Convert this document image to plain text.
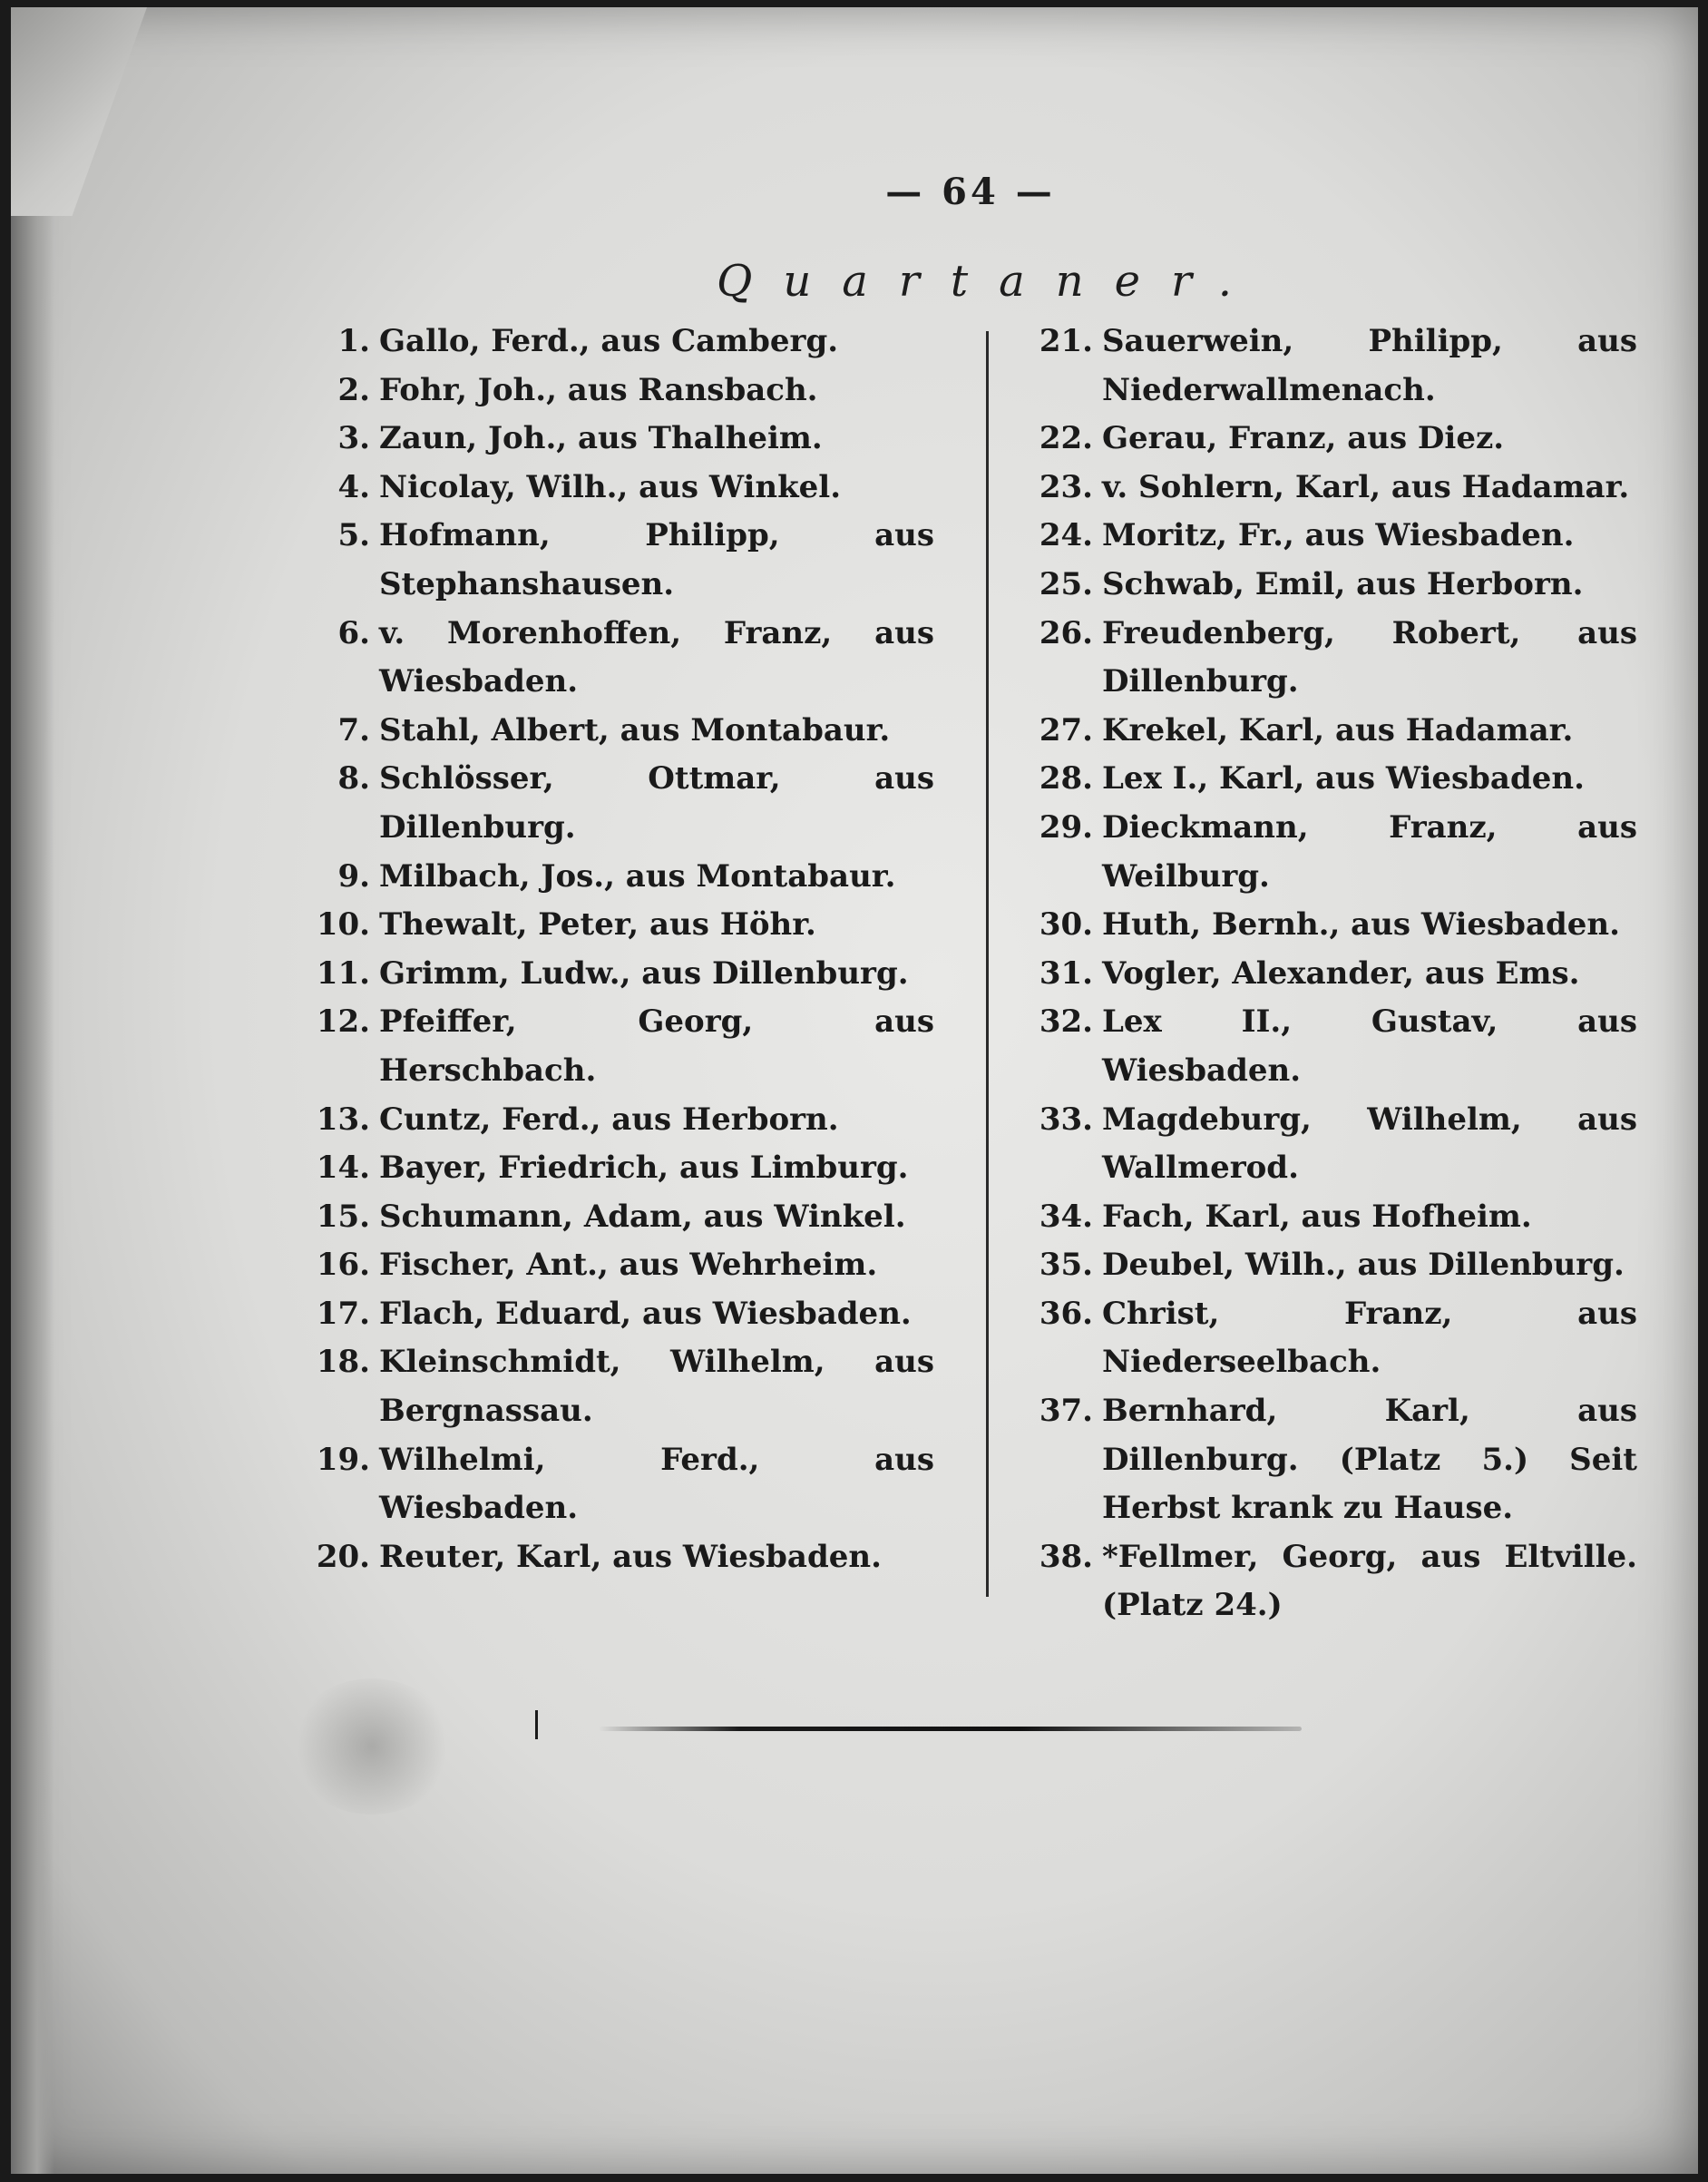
— 64 —
Quartaner.
1. Gallo, Ferd., aus Camberg.
2. Fohr, Joh., aus Ransbach.
3. Zaun, Joh., aus Thalheim.
4. Nicolay, Wilh., aus Winkel.
5. Hofmann, Philipp, aus Stephanshausen.
6. v. Morenhoffen, Franz, aus Wiesbaden.
7. Stahl, Albert, aus Montabaur.
8. Schlösser, Ottmar, aus Dillenburg.
9. Milbach, Jos., aus Montabaur.
10. Thewalt, Peter, aus Höhr.
11. Grimm, Ludw., aus Dillenburg.
12. Pfeiffer, Georg, aus Herschbach.
13. Cuntz, Ferd., aus Herborn.
14. Bayer, Friedrich, aus Limburg.
15. Schumann, Adam, aus Winkel.
16. Fischer, Ant., aus Wehrheim.
17. Flach, Eduard, aus Wiesbaden.
18. Kleinschmidt, Wilhelm, aus Bergnassau.
19. Wilhelmi, Ferd., aus Wiesbaden.
20. Reuter, Karl, aus Wiesbaden.
21. Sauerwein, Philipp, aus Niederwallmenach.
22. Gerau, Franz, aus Diez.
23. v. Sohlern, Karl, aus Hadamar.
24. Moritz, Fr., aus Wiesbaden.
25. Schwab, Emil, aus Herborn.
26. Freudenberg, Robert, aus Dillenburg.
27. Krekel, Karl, aus Hadamar.
28. Lex I., Karl, aus Wiesbaden.
29. Dieckmann, Franz, aus Weilburg.
30. Huth, Bernh., aus Wiesbaden.
31. Vogler, Alexander, aus Ems.
32. Lex II., Gustav, aus Wiesbaden.
33. Magdeburg, Wilhelm, aus Wallmerod.
34. Fach, Karl, aus Hofheim.
35. Deubel, Wilh., aus Dillenburg.
36. Christ, Franz, aus Niederseelbach.
37. Bernhard, Karl, aus Dillenburg. (Platz 5.) Seit Herbst krank zu Hause.
38. *Fellmer, Georg, aus Eltville. (Platz 24.)
